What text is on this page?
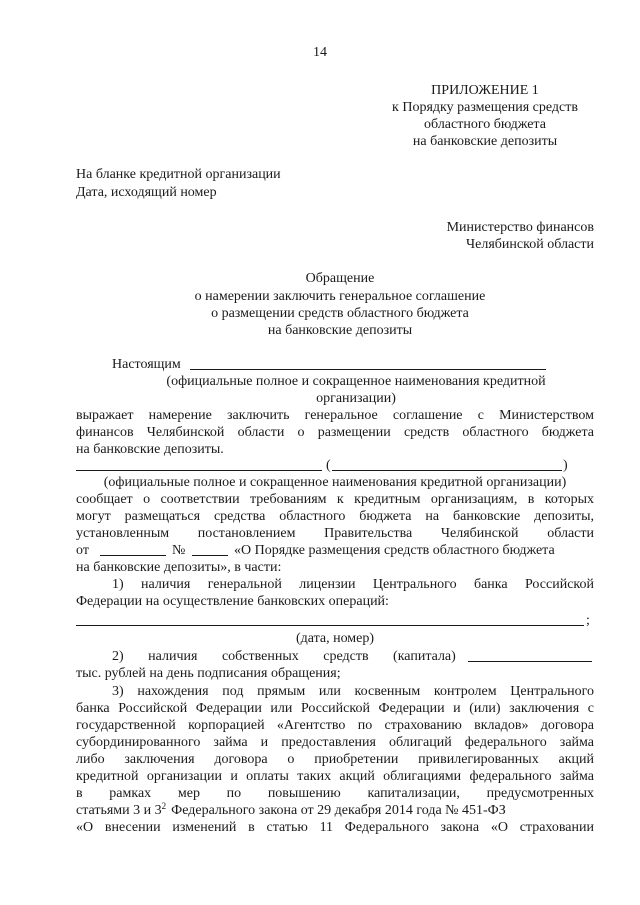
14
ПРИЛОЖЕНИЕ 1
к Порядку размещения средств
областного бюджета
на банковские депозиты
На бланке кредитной организации
Дата, исходящий номер
Министерство финансов
Челябинской области
Обращение
о намерении заключить генеральное соглашение
о размещении средств областного бюджета
на банковские депозиты
Настоящим
(официальные полное и сокращенное наименования кредитной
организации)
выражает намерение заключить генеральное соглашение с Министерством
финансов Челябинской области о размещении средств областного бюджета
на банковские депозиты.
(	)
(официальные полное и сокращенное наименования кредитной организации)
сообщает о соответствии требованиям к кредитным организациям, в которых
могут размещаться средства областного бюджета на банковские депозиты,
установленным постановлением Правительства Челябинской области
от	№	«О Порядке размещения средств областного бюджета
на банковские депозиты», в части:
1) наличия генеральной лицензии Центрального банка Российской
Федерации на осуществление банковских операций:
;
(дата, номер)
2) наличия собственных средств (капитала)
тыс. рублей на день подписания обращения;
3) нахождения под прямым или косвенным контролем Центрального
банка Российской Федерации или Российской Федерации и (или) заключения с
государственной корпорацией «Агентство по страхованию вкладов» договора
субординированного займа и предоставления облигаций федерального займа
либо заключения договора о приобретении привилегированных акций
кредитной организации и оплаты таких акций облигациями федерального займа
в рамках мер по повышению капитализации, предусмотренных
статьями 3 и $3^2$ Федерального закона от 29 декабря 2014 года № 451-ФЗ
«О внесении изменений в статью 11 Федерального закона «О страховании
